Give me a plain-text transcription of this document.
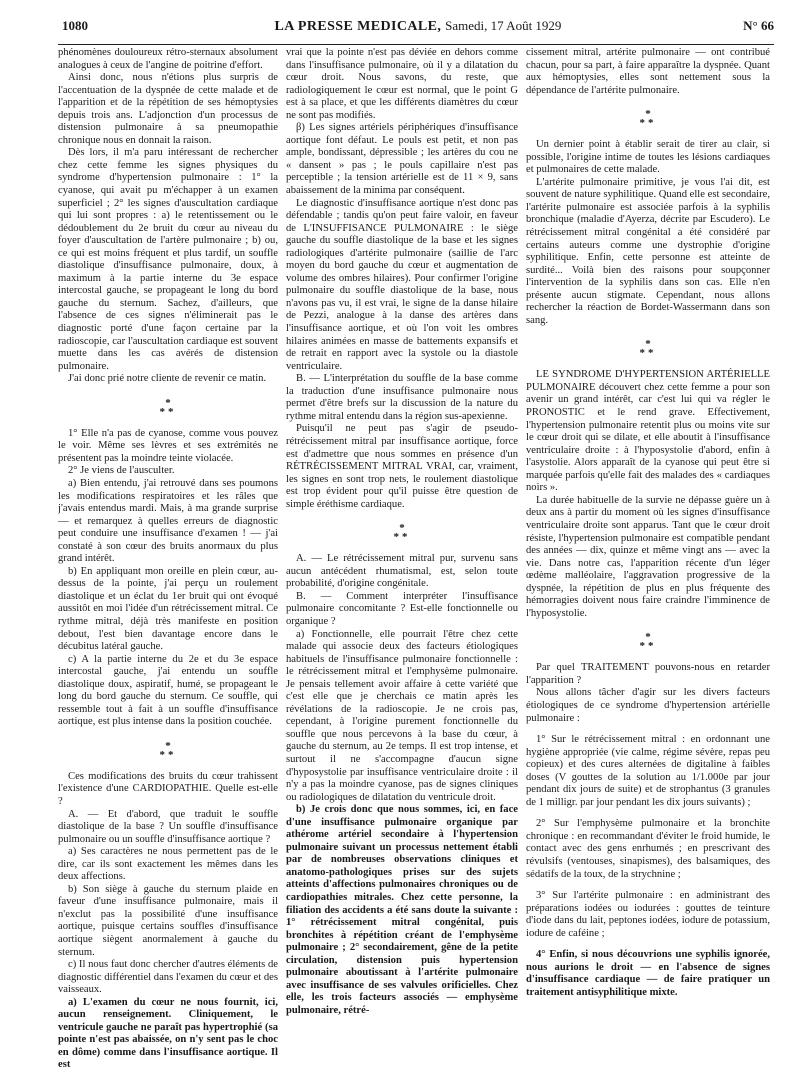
1080	LA PRESSE MEDICALE, Samedi, 17 Août 1929	N° 66

phénomènes douloureux rétro-sternaux absolument analogues à ceux de l'angine de poitrine d'effort.

Ainsi donc, nous n'étions plus surpris de l'accentuation de la dyspnée de cette malade et de l'apparition et de la répétition de ses hémoptysies depuis trois ans. L'adjonction d'un processus de distension pulmonaire à sa pneumopathie chronique nous en donnait la raison.

Dès lors, il m'a paru intéressant de rechercher chez cette femme les signes physiques du syndrome d'hypertension pulmonaire : 1° la cyanose, qui avait pu m'échapper à un examen superficiel ; 2° les signes d'auscultation cardiaque qui lui sont propres : a) le retentissement ou le dédoublement du 2e bruit du cœur au niveau du foyer d'auscultation de l'artère pulmonaire ; b) ou, ce qui est moins fréquent et plus tardif, un souffle diastolique d'insuffisance pulmonaire, doux, à maximum à la partie interne du 3e espace intercostal gauche, se propageant le long du bord gauche du sternum. Sachez, d'ailleurs, que l'absence de ces signes n'éliminerait pas le diagnostic porté d'une façon certaine par la radioscopie, car l'auscultation cardiaque est souvent muette dans les cas avérés de distension pulmonaire.

J'ai donc prié notre cliente de revenir ce matin.

*
**

1° Elle n'a pas de cyanose, comme vous pouvez le voir. Même ses lèvres et ses extrémités ne présentent pas la moindre teinte violacée.

2° Je viens de l'ausculter.

a) Bien entendu, j'ai retrouvé dans ses poumons les modifications respiratoires et les râles que j'avais entendus mardi. Mais, à ma grande surprise — et remarquez à quelles erreurs de diagnostic peut conduire une insuffisance d'examen ! — j'ai constaté à son cœur des bruits anormaux du plus grand intérêt.

b) En appliquant mon oreille en plein cœur, au-dessus de la pointe, j'ai perçu un roulement diastolique et un éclat du 1er bruit qui ont évoqué aussitôt en moi l'idée d'un rétrécissement mitral. Ce rythme mitral, déjà très manifeste en position debout, l'est bien davantage encore dans le décubitus latéral gauche.

c) A la partie interne du 2e et du 3e espace intercostal gauche, j'ai entendu un souffle diastolique doux, aspiratif, humé, se propageant le long du bord gauche du sternum. Ce souffle, qui ressemble tout à fait à un souffle d'insuffisance aortique, est plus intense dans la position couchée.

*
**

Ces modifications des bruits du cœur trahissent l'existence d'une CARDIOPATHIE. Quelle est-elle ?

A. — Et d'abord, que traduit le souffle diastolique de la base ? Un souffle d'insuffisance pulmonaire ou un souffle d'insuffisance aortique ?

a) Ses caractères ne nous permettent pas de le dire, car ils sont exactement les mêmes dans les deux affections.

b) Son siège à gauche du sternum plaide en faveur d'une insuffisance pulmonaire, mais il n'exclut pas la possibilité d'une insuffisance aortique, puisque certains souffles d'insuffisance aortique siègent anormalement à gauche du sternum.

c) Il nous faut donc chercher d'autres éléments de diagnostic différentiel dans l'examen du cœur et des vaisseaux.

a) L'examen du cœur ne nous fournit, ici, aucun renseignement. Cliniquement, le ventricule gauche ne paraît pas hypertrophié (sa pointe n'est pas abaissée, on n'y sent pas le choc en dôme) comme dans l'insuffisance aortique. Il est

vrai que la pointe n'est pas déviée en dehors comme dans l'insuffisance pulmonaire, où il y a dilatation du cœur droit. Nous savons, du reste, que radiologiquement le cœur est normal, que le point G est à sa place, et que les différents diamètres du cœur ne sont pas modifiés.

β) Les signes artériels périphériques d'insuffisance aortique font défaut. Le pouls est petit, et non pas ample, bondissant, dépressible ; les artères du cou ne « dansent » pas ; le pouls capillaire n'est pas perceptible ; la tension artérielle est de 11 × 9, sans abaissement de la minima par conséquent.

Le diagnostic d'insuffisance aortique n'est donc pas défendable ; tandis qu'on peut faire valoir, en faveur de L'INSUFFISANCE PULMONAIRE : le siège gauche du souffle diastolique de la base et les signes radiologiques d'artérite pulmonaire (saillie de l'arc moyen du bord gauche du cœur et augmentation de volume des ombres hilaires). Pour confirmer l'origine pulmonaire du souffle diastolique de la base, nous n'avons pas vu, il est vrai, le signe de la danse hilaire de Pezzi, analogue à la danse des artères dans l'insuffisance aortique, et où l'on voit les ombres hilaires animées en masse de battements expansifs et de retrait en rapport avec la systole ou la diastole ventriculaire.

B. — L'interprétation du souffle de la base comme la traduction d'une insuffisance pulmonaire nous permet d'être brefs sur la discussion de la nature du rythme mitral entendu dans la région sus-apexienne.

Puisqu'il ne peut pas s'agir de pseudo-rétrécissement mitral par insuffisance aortique, force est d'admettre que nous sommes en présence d'un RÉTRÉCISSEMENT MITRAL VRAI, car, vraiment, les signes en sont trop nets, le roulement diastolique est trop évident pour qu'il puisse être question de simple éréthisme cardiaque.

*
**

A. — Le rétrécissement mitral pur, survenu sans aucun antécédent rhumatismal, est, selon toute probabilité, d'origine congénitale.

B. — Comment interpréter l'insuffisance pulmonaire concomitante ? Est-elle fonctionnelle ou organique ?

a) Fonctionnelle, elle pourrait l'être chez cette malade qui associe deux des facteurs étiologiques habituels de l'insuffisance pulmonaire fonctionnelle : le rétrécissement mitral et l'emphysème pulmonaire. Je pensais tellement avoir affaire à cette variété que c'est elle que je cherchais ce matin après les révélations de la radioscopie. Je ne crois pas, cependant, à l'origine purement fonctionnelle du souffle que nous percevons à la base du cœur, à gauche du sternum, au 2e temps. Il est trop intense, et surtout il ne s'accompagne d'aucun signe d'hyposystolie par insuffisance ventriculaire droite : il n'y a pas la moindre cyanose, pas de signes cliniques ou radiologiques de dilatation du ventricule droit.

b) Je crois donc que nous sommes, ici, en face d'une insuffisance pulmonaire organique par athérome artériel secondaire à l'hypertension pulmonaire suivant un processus nettement établi par de nombreuses observations cliniques et anatomo-pathologiques prises sur des sujets atteints d'affections pulmonaires chroniques ou de cardiopathies mitrales. Chez cette personne, la filiation des accidents a été sans doute la suivante : 1° rétrécissement mitral congénital, puis bronchites à répétition créant de l'emphysème pulmonaire ; 2° secondairement, gêne de la petite circulation, distension puis hypertension pulmonaire aboutissant à l'artérite pulmonaire avec insuffisance de ses valvules orificielles. Chez elle, les trois facteurs associés — emphysème pulmonaire, rétré-

cissement mitral, artérite pulmonaire — ont contribué chacun, pour sa part, à faire apparaître la dyspnée. Quant aux hémoptysies, elles sont nettement sous la dépendance de l'artérite pulmonaire.

*
**

Un dernier point à établir serait de tirer au clair, si possible, l'origine intime de toutes les lésions cardiaques et pulmonaires de cette malade.

L'artérite pulmonaire primitive, je vous l'ai dit, est souvent de nature syphilitique. Quand elle est secondaire, l'artérite pulmonaire est associée parfois à la syphilis bronchique (maladie d'Ayerza, décrite par Escudero). Le rétrécissement mitral congénital a été considéré par certains auteurs comme une dystrophie d'origine syphilitique. Enfin, cette personne est atteinte de surdité... Voilà bien des raisons pour soupçonner l'intervention de la syphilis dans son cas. Elle n'en présente aucun stigmate. Cependant, nous allons rechercher la réaction de Bordet-Wassermann dans son sang.

*
**

LE SYNDROME D'HYPERTENSION ARTÉRIELLE PULMONAIRE découvert chez cette femme a pour son avenir un grand intérêt, car c'est lui qui va régler le PRONOSTIC et le rend grave. Effectivement, l'hypertension pulmonaire retentit plus ou moins vite sur le cœur droit qui se dilate, et elle aboutit à l'insuffisance ventriculaire droite : à l'hyposystolie d'abord, enfin à l'asystolie. Alors apparaît de la cyanose qui peut être si marquée parfois qu'elle fait des malades des « cardiaques noirs ».

La durée habituelle de la survie ne dépasse guère un à deux ans à partir du moment où les signes d'insuffisance ventriculaire droite sont apparus. Tant que le cœur droit résiste, l'hypertension pulmonaire est compatible pendant des années — dix, quinze et même vingt ans — avec la vie. Dans notre cas, l'apparition récente d'un léger œdème malléolaire, l'aggravation progressive de la dyspnée, la répétition de plus en plus fréquente des hémorragies doivent nous faire craindre l'imminence de l'hyposystolie.

*
**

Par quel TRAITEMENT pouvons-nous en retarder l'apparition ?

Nous allons tâcher d'agir sur les divers facteurs étiologiques de ce syndrome d'hypertension artérielle pulmonaire :

1° Sur le rétrécissement mitral : en ordonnant une hygiène appropriée (vie calme, régime sévère, repas peu copieux) et des cures alternées de digitaline à faibles doses (V gouttes de la solution au 1/1.000e par jour pendant dix jours de suite) et de strophantus (3 granules de 1 milligr. par jour pendant les dix jours suivants) ;

2° Sur l'emphysème pulmonaire et la bronchite chronique : en recommandant d'éviter le froid humide, le contact avec des gens enrhumés ; en prescrivant des révulsifs (ventouses, sinapismes), des balsamiques, des sédatifs de la toux, de la strychnine ;

3° Sur l'artérite pulmonaire : en administrant des préparations iodées ou iodurées : gouttes de teinture d'iode dans du lait, peptones iodées, iodure de potassium, iodure de caféine ;

4° Enfin, si nous découvrions une syphilis ignorée, nous aurions le droit — en l'absence de signes d'insuffisance cardiaque — de faire pratiquer un traitement antisyphilitique mixte.
